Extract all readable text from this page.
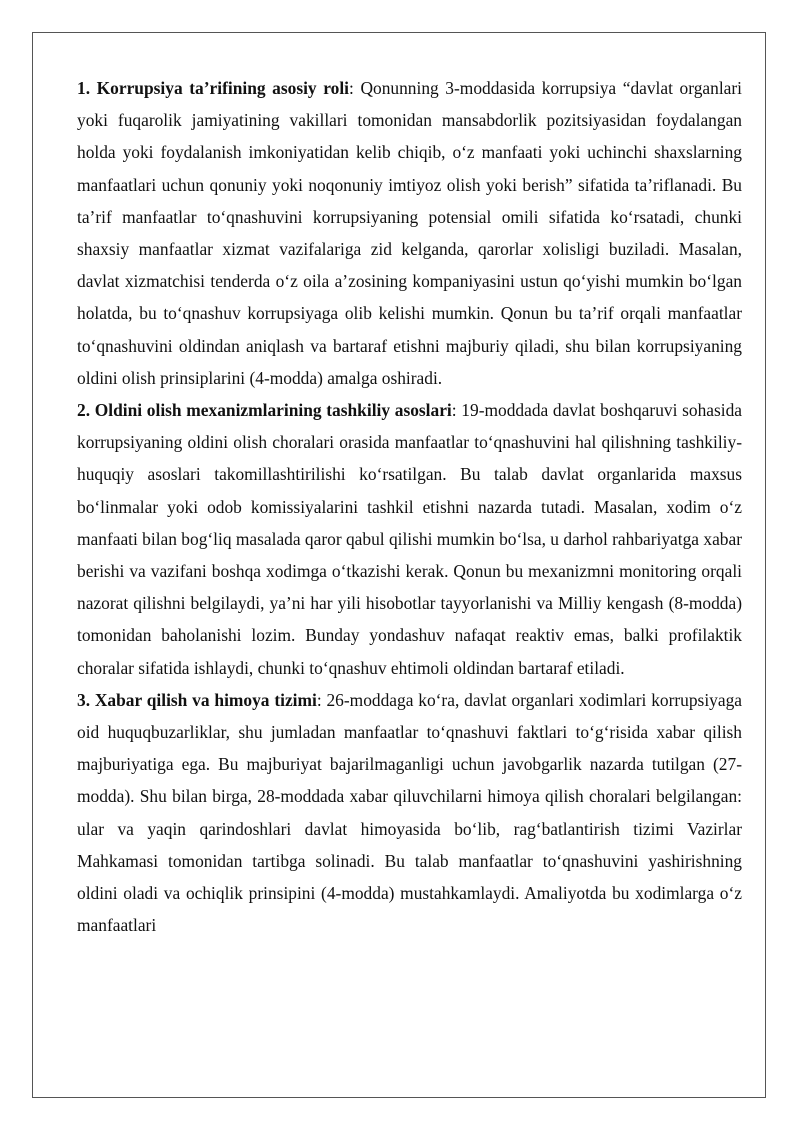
1. Korrupsiya ta’rifining asosiy roli: Qonunning 3-moddasida korrupsiya “davlat organlari yoki fuqarolik jamiyatining vakillari tomonidan mansabdorlik pozitsiyasidan foydalangan holda yoki foydalanish imkoniyatidan kelib chiqib, o‘z manfaati yoki uchinchi shaxslarning manfaatlari uchun qonuniy yoki noqonuniy imtiyoz olish yoki berish” sifatida ta’riflanadi. Bu ta’rif manfaatlar to‘qnashuvini korrupsiyaning potensial omili sifatida ko‘rsatadi, chunki shaxsiy manfaatlar xizmat vazifalariga zid kelganda, qarorlar xolisligi buziladi. Masalan, davlat xizmatchisi tenderda o‘z oila a’zosining kompaniyasini ustun qo‘yishi mumkin bo‘lgan holatda, bu to‘qnashuv korrupsiyaga olib kelishi mumkin. Qonun bu ta’rif orqali manfaatlar to‘qnashuvini oldindan aniqlash va bartaraf etishni majburiy qiladi, shu bilan korrupsiyaning oldini olish prinsiplarini (4-modda) amalga oshiradi.

2. Oldini olish mexanizmlarining tashkiliy asoslari: 19-moddada davlat boshqaruvi sohasida korrupsiyaning oldini olish choralari orasida manfaatlar to‘qnashuvini hal qilishning tashkiliy-huquqiy asoslari takomillashtirilishi ko‘rsatilgan. Bu talab davlat organlarida maxsus bo‘linmalar yoki odob komissiyalarini tashkil etishni nazarda tutadi. Masalan, xodim o‘z manfaati bilan bog‘liq masalada qaror qabul qilishi mumkin bo‘lsa, u darhol rahbariyatga xabar berishi va vazifani boshqa xodimga o‘tkazishi kerak. Qonun bu mexanizmni monitoring orqali nazorat qilishni belgilaydi, ya’ni har yili hisobotlar tayyorlanishi va Milliy kengash (8-modda) tomonidan baholanishi lozim. Bunday yondashuv nafaqat reaktiv emas, balki profilaktik choralar sifatida ishlaydi, chunki to‘qnashuv ehtimoli oldindan bartaraf etiladi.

3. Xabar qilish va himoya tizimi: 26-moddaga ko‘ra, davlat organlari xodimlari korrupsiyaga oid huquqbuzarliklar, shu jumladan manfaatlar to‘qnashuvi faktlari to‘g‘risida xabar qilish majburiyatiga ega. Bu majburiyat bajarilmaganligi uchun javobgarlik nazarda tutilgan (27-modda). Shu bilan birga, 28-moddada xabar qiluvchilarni himoya qilish choralari belgilangan: ular va yaqin qarindoshlari davlat himoyasida bo‘lib, rag‘batlantirish tizimi Vazirlar Mahkamasi tomonidan tartibga solinadi. Bu talab manfaatlar to‘qnashuvini yashirishning oldini oladi va ochiqlik prinsipini (4-modda) mustahkamlaydi. Amaliyotda bu xodimlarga o‘z manfaatlari
